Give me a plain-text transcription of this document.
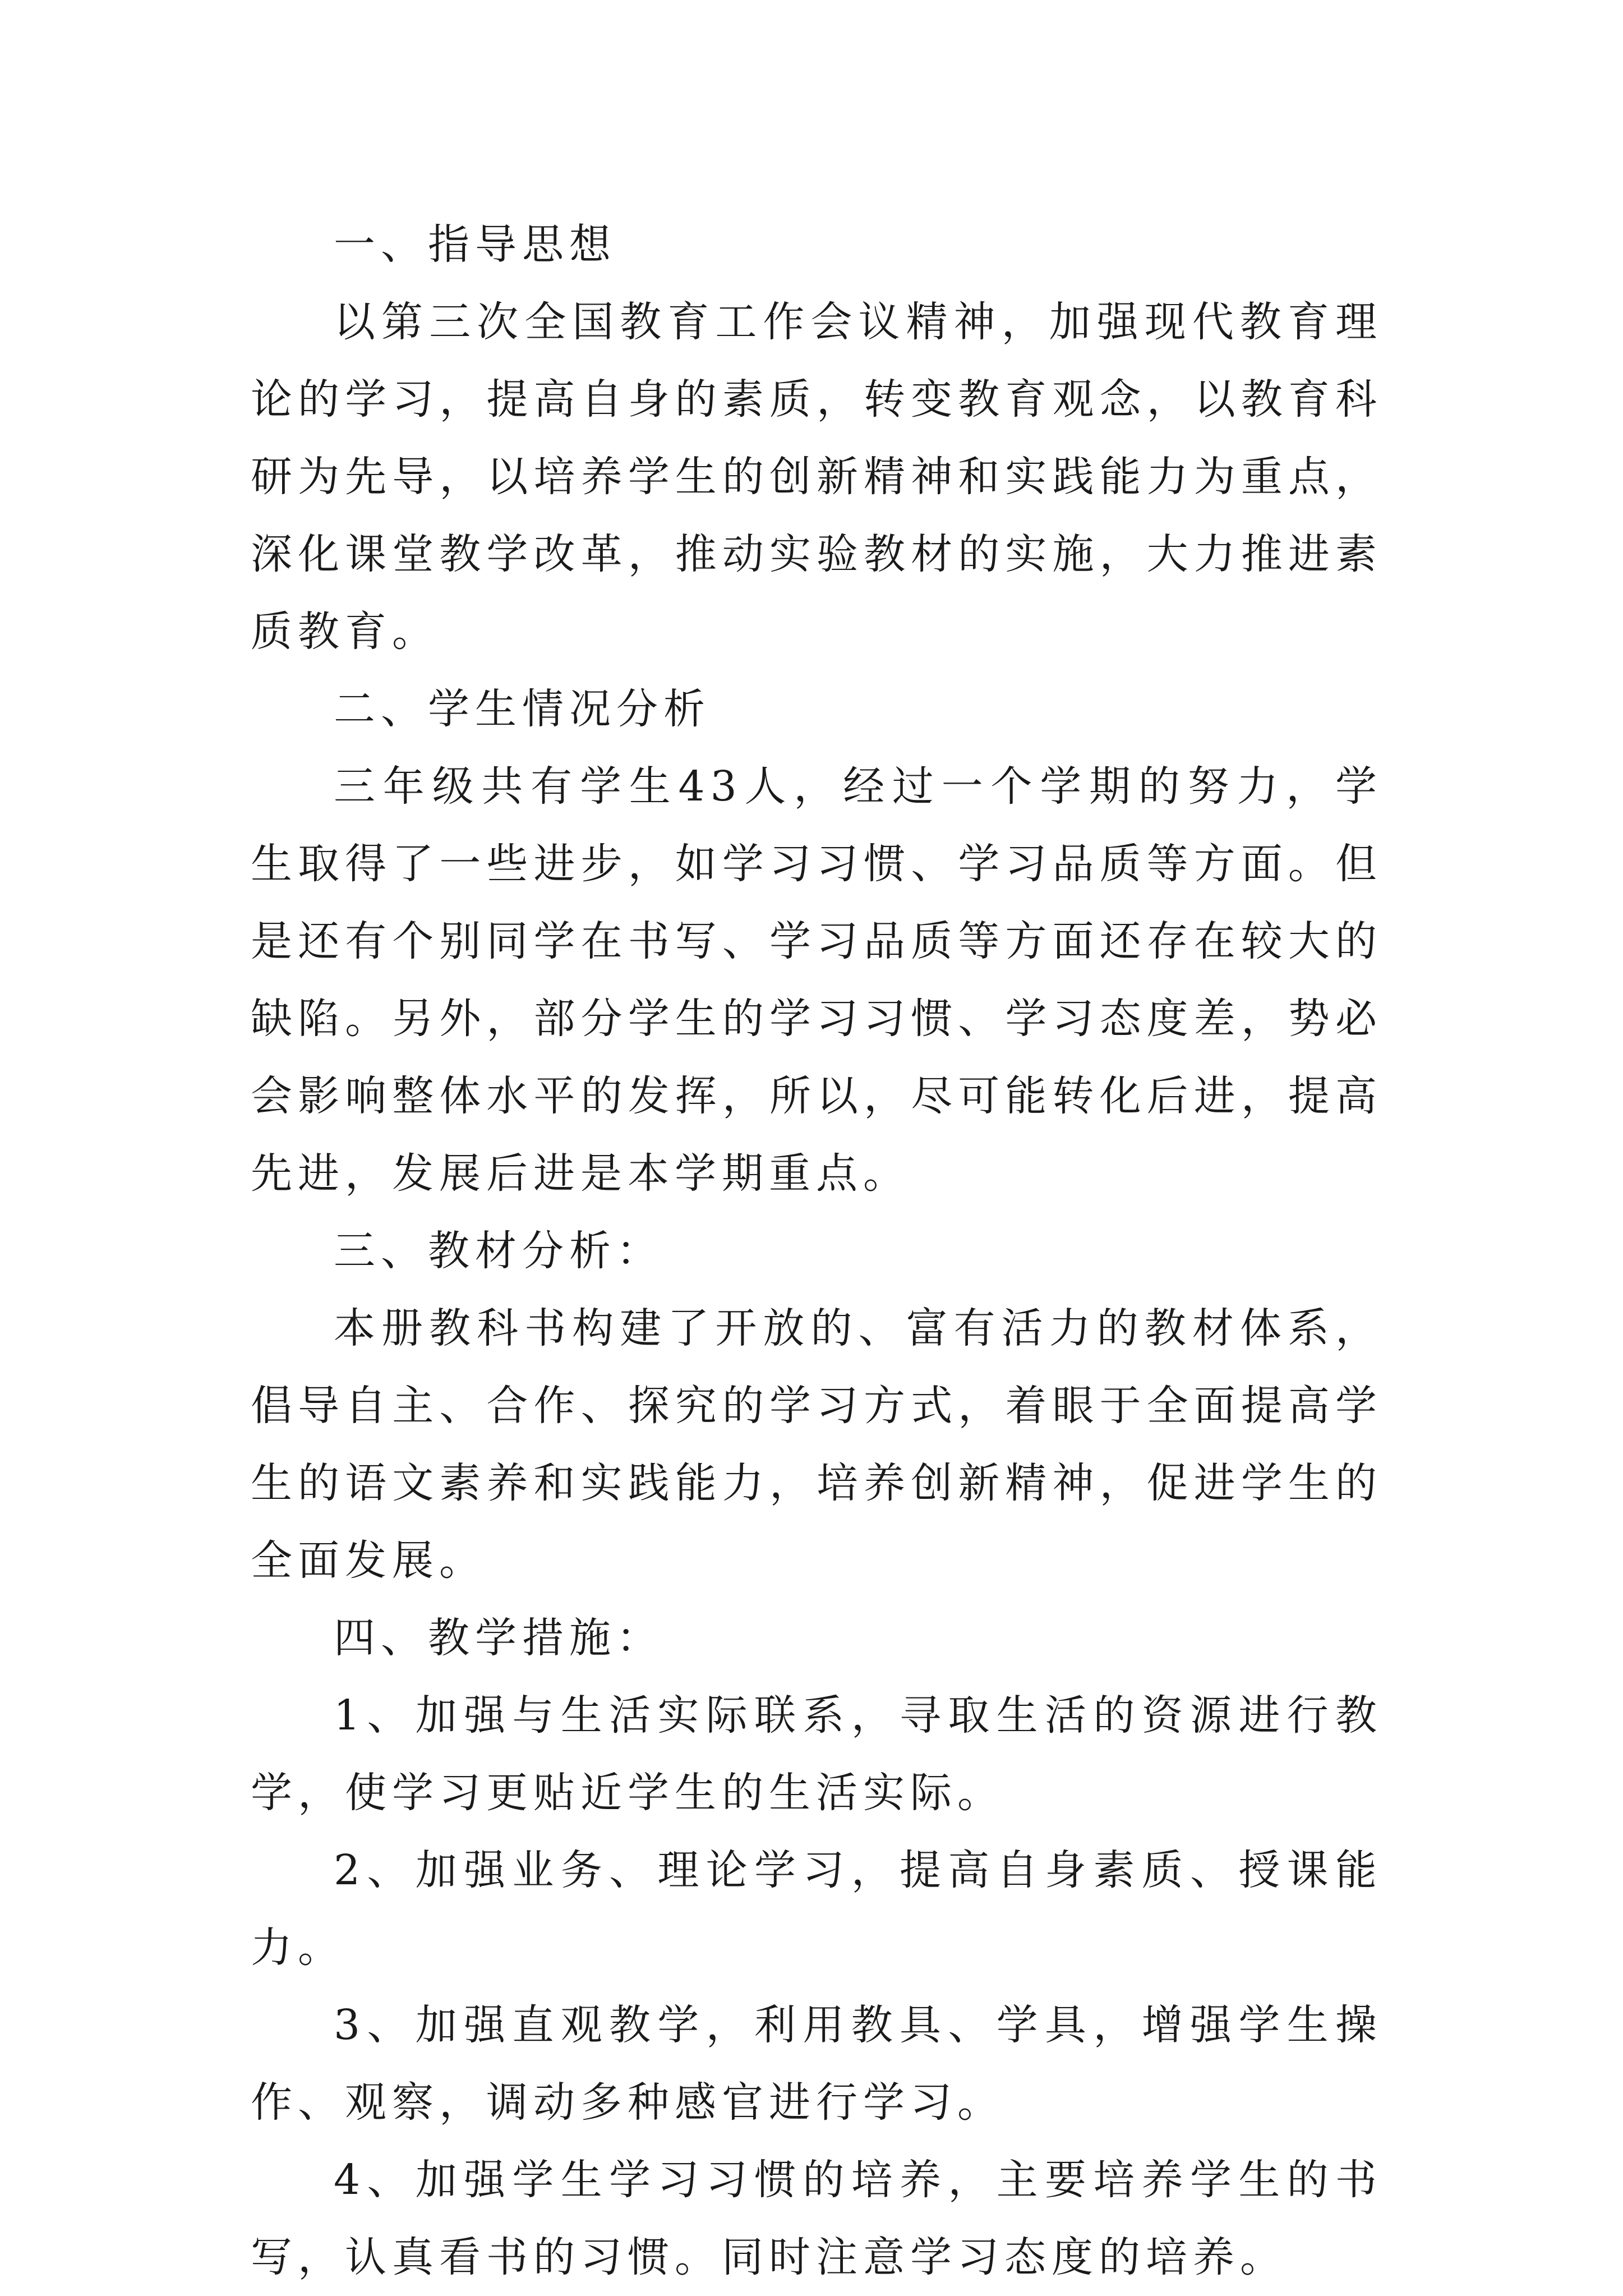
一、指导思想

以第三次全国教育工作会议精神，加强现代教育理论的学习，提高自身的素质，转变教育观念，以教育科研为先导，以培养学生的创新精神和实践能力为重点，深化课堂教学改革，推动实验教材的实施，大力推进素质教育。

二、学生情况分析

三年级共有学生43人，经过一个学期的努力，学生取得了一些进步，如学习习惯、学习品质等方面。但是还有个别同学在书写、学习品质等方面还存在较大的缺陷。另外，部分学生的学习习惯、学习态度差，势必会影响整体水平的发挥，所以，尽可能转化后进，提高先进，发展后进是本学期重点。

三、教材分析：

本册教科书构建了开放的、富有活力的教材体系，倡导自主、合作、探究的学习方式，着眼于全面提高学生的语文素养和实践能力，培养创新精神，促进学生的全面发展。

四、教学措施：

1、加强与生活实际联系，寻取生活的资源进行教学，使学习更贴近学生的生活实际。

2、加强业务、理论学习，提高自身素质、授课能力。

3、加强直观教学，利用教具、学具，增强学生操作、观察，调动多种感官进行学习。

4、加强学生学习习惯的培养，主要培养学生的书写，认真看书的习惯。同时注意学习态度的培养。
